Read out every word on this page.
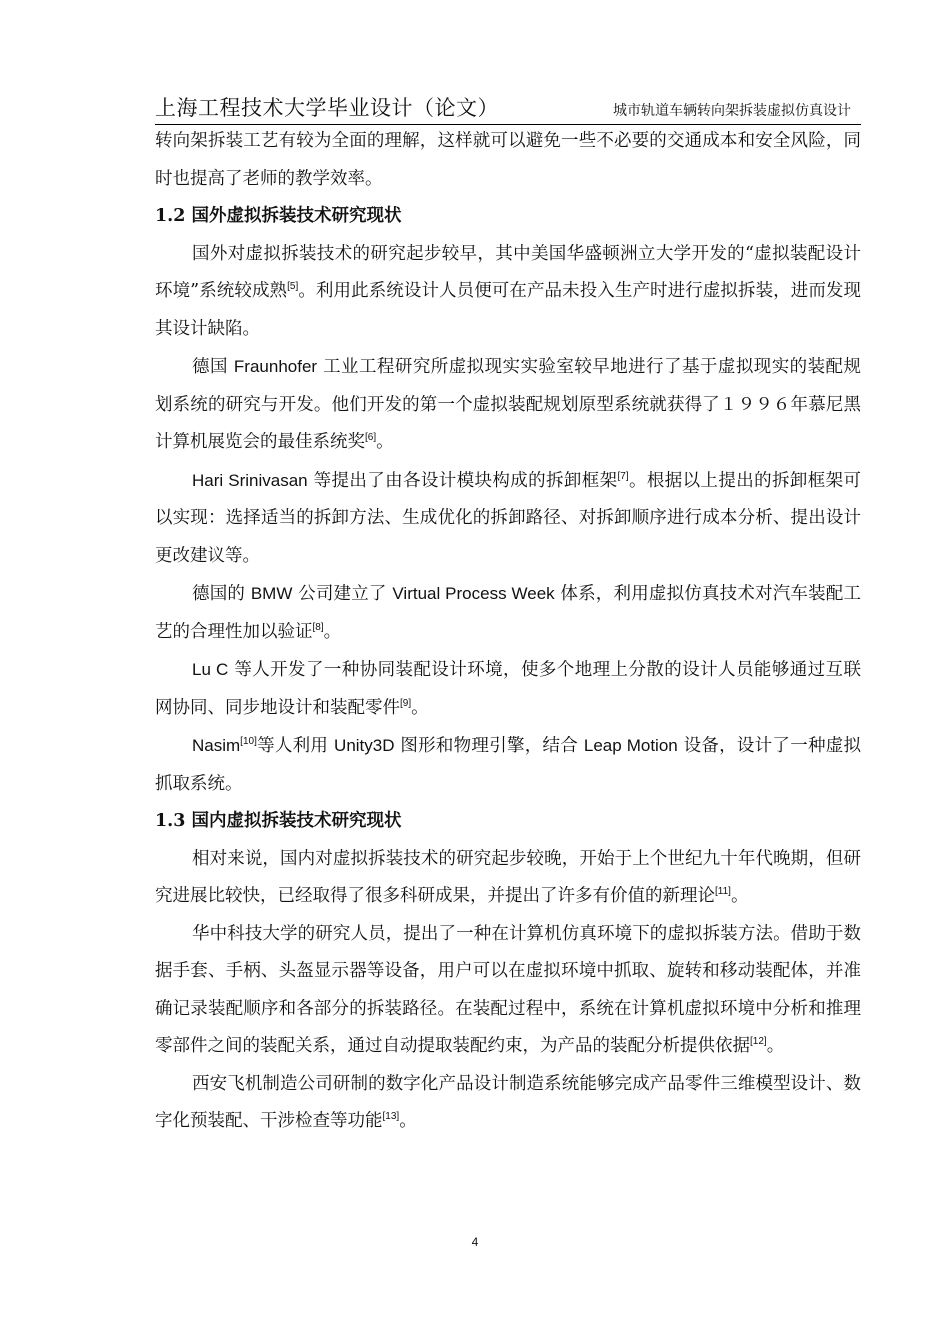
上海工程技术大学毕业设计（论文）	城市轨道车辆转向架拆装虚拟仿真设计

转向架拆装工艺有较为全面的理解，这样就可以避免一些不必要的交通成本和安全风险，同时也提高了老师的教学效率。

1.2 国外虚拟拆装技术研究现状

国外对虚拟拆装技术的研究起步较早，其中美国华盛顿洲立大学开发的“虚拟装配设计环境”系统较成熟[5]。利用此系统设计人员便可在产品未投入生产时进行虚拟拆装，进而发现其设计缺陷。

德国 Fraunhofer 工业工程研究所虚拟现实实验室较早地进行了基于虚拟现实的装配规划系统的研究与开发。他们开发的第一个虚拟装配规划原型系统就获得了１９９６年慕尼黑计算机展览会的最佳系统奖[6]。

Hari Srinivasan 等提出了由各设计模块构成的拆卸框架[7]。根据以上提出的拆卸框架可以实现：选择适当的拆卸方法、生成优化的拆卸路径、对拆卸顺序进行成本分析、提出设计更改建议等。

德国的 BMW 公司建立了 Virtual Process Week 体系，利用虚拟仿真技术对汽车装配工艺的合理性加以验证[8]。

Lu C 等人开发了一种协同装配设计环境，使多个地理上分散的设计人员能够通过互联网协同、同步地设计和装配零件[9]。

Nasim[10]等人利用 Unity3D 图形和物理引擎，结合 Leap Motion 设备，设计了一种虚拟抓取系统。

1.3 国内虚拟拆装技术研究现状

相对来说，国内对虚拟拆装技术的研究起步较晚，开始于上个世纪九十年代晚期，但研究进展比较快，已经取得了很多科研成果，并提出了许多有价值的新理论[11]。

华中科技大学的研究人员，提出了一种在计算机仿真环境下的虚拟拆装方法。借助于数据手套、手柄、头盔显示器等设备，用户可以在虚拟环境中抓取、旋转和移动装配体，并准确记录装配顺序和各部分的拆装路径。在装配过程中，系统在计算机虚拟环境中分析和推理零部件之间的装配关系，通过自动提取装配约束，为产品的装配分析提供依据[12]。

西安飞机制造公司研制的数字化产品设计制造系统能够完成产品零件三维模型设计、数字化预装配、干涉检查等功能[13]。

4
